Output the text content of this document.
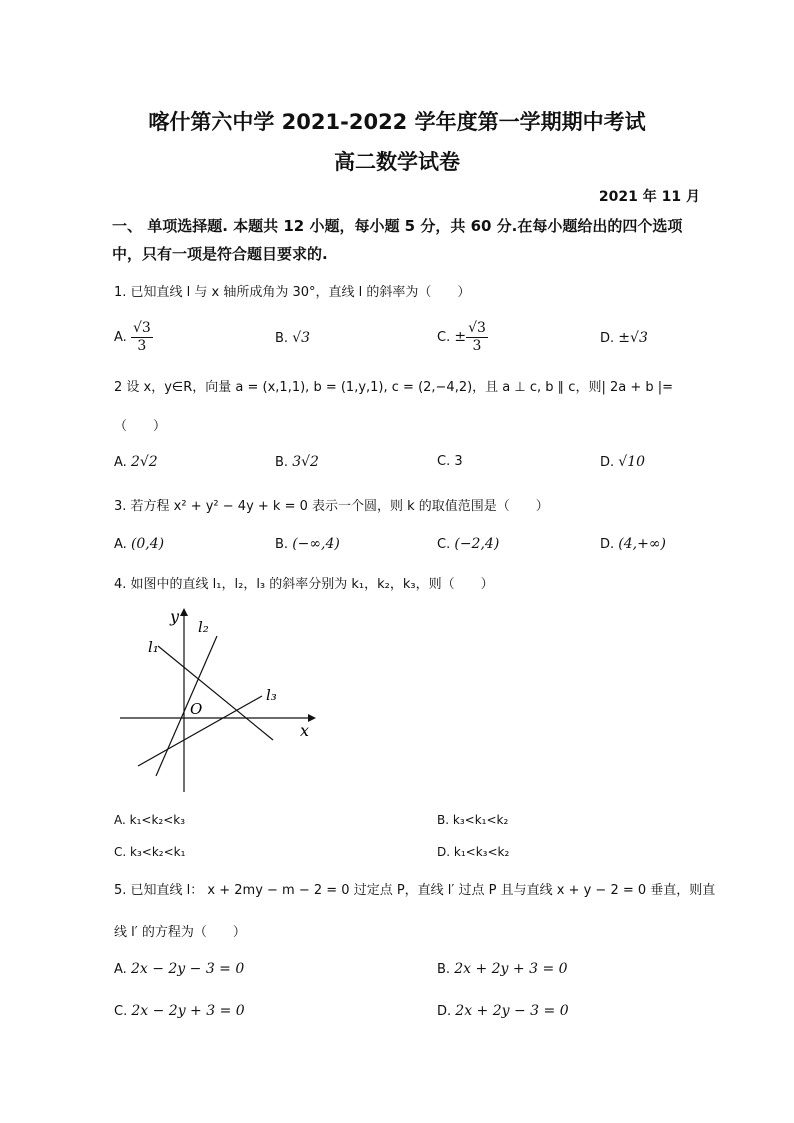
喀什第六中学 2021-2022 学年度第一学期期中考试
高二数学试卷
2021 年 11 月
一、 单项选择题. 本题共 12 小题，每小题 5 分，共 60 分.在每小题给出的四个选项中，只有一项是符合题目要求的.
1. 已知直线 l 与 x 轴所成角为 30°，直线 l 的斜率为（　　）
A. $\frac{√3}{3}$	B. √3	C. ± $\frac{√3}{3}$	D. ±√3
2 设 x，y∈R，向量 a = (x,1,1), b = (1,y,1), c = (2,−4,2)，且 a ⊥ c, b ∥ c，则| 2a + b |=
（　　）
A. 2√2	B. 3√2	C. 3	D. √10
3. 若方程 x² + y² − 4y + k = 0 表示一个圆，则 k 的取值范围是（　　）
A. (0,4)	B. (−∞,4)	C. (−2,4)	D. (4,+∞)
4. 如图中的直线 l₁，l₂，l₃ 的斜率分别为 k₁，k₂，k₃，则（　　）
y
x
O
l₁
l₂
l₃
A. k₁<k₂<k₃	B. k₃<k₁<k₂
C. k₃<k₂<k₁	D. k₁<k₃<k₂
5. 已知直线 l： x + 2my − m − 2 = 0 过定点 P，直线 l′ 过点 P 且与直线 x + y − 2 = 0 垂直，则直
线 l′ 的方程为（　　）
A. 2x − 2y − 3 = 0	B. 2x + 2y + 3 = 0
C. 2x − 2y + 3 = 0	D. 2x + 2y − 3 = 0
